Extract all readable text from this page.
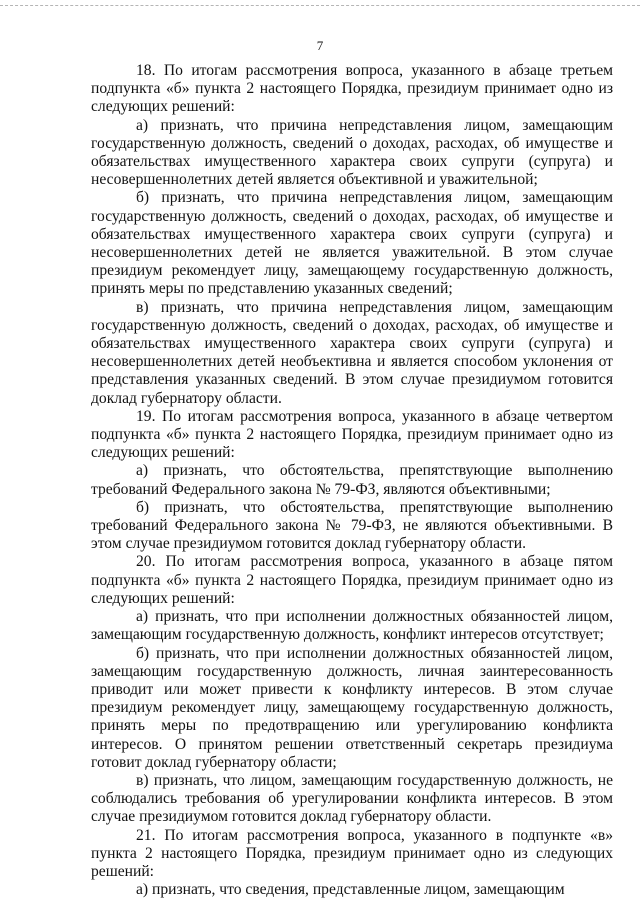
7

18. По итогам рассмотрения вопроса, указанного в абзаце третьем подпункта «б» пункта 2 настоящего Порядка, президиум принимает одно из следующих решений:

а) признать, что причина непредставления лицом, замещающим государственную должность, сведений о доходах, расходах, об имуществе и обязательствах имущественного характера своих супруги (супруга) и несовершеннолетних детей является объективной и уважительной;

б) признать, что причина непредставления лицом, замещающим государственную должность, сведений о доходах, расходах, об имуществе и обязательствах имущественного характера своих супруги (супруга) и несовершеннолетних детей не является уважительной. В этом случае президиум рекомендует лицу, замещающему государственную должность, принять меры по представлению указанных сведений;

в) признать, что причина непредставления лицом, замещающим государственную должность, сведений о доходах, расходах, об имуществе и обязательствах имущественного характера своих супруги (супруга) и несовершеннолетних детей необъективна и является способом уклонения от представления указанных сведений. В этом случае президиумом готовится доклад губернатору области.

19. По итогам рассмотрения вопроса, указанного в абзаце четвертом подпункта «б» пункта 2 настоящего Порядка, президиум принимает одно из следующих решений:

а) признать, что обстоятельства, препятствующие выполнению требований Федерального закона № 79-ФЗ, являются объективными;

б) признать, что обстоятельства, препятствующие выполнению требований Федерального закона № 79-ФЗ, не являются объективными. В этом случае президиумом готовится доклад губернатору области.

20. По итогам рассмотрения вопроса, указанного в абзаце пятом подпункта «б» пункта 2 настоящего Порядка, президиум принимает одно из следующих решений:

а) признать, что при исполнении должностных обязанностей лицом, замещающим государственную должность, конфликт интересов отсутствует;

б) признать, что при исполнении должностных обязанностей лицом, замещающим государственную должность, личная заинтересованность приводит или может привести к конфликту интересов. В этом случае президиум рекомендует лицу, замещающему государственную должность, принять меры по предотвращению или урегулированию конфликта интересов. О принятом решении ответственный секретарь президиума готовит доклад губернатору области;

в) признать, что лицом, замещающим государственную должность, не соблюдались требования об урегулировании конфликта интересов. В этом случае президиумом готовится доклад губернатору области.

21. По итогам рассмотрения вопроса, указанного в подпункте «в» пункта 2 настоящего Порядка, президиум принимает одно из следующих решений:

а) признать, что сведения, представленные лицом, замещающим
